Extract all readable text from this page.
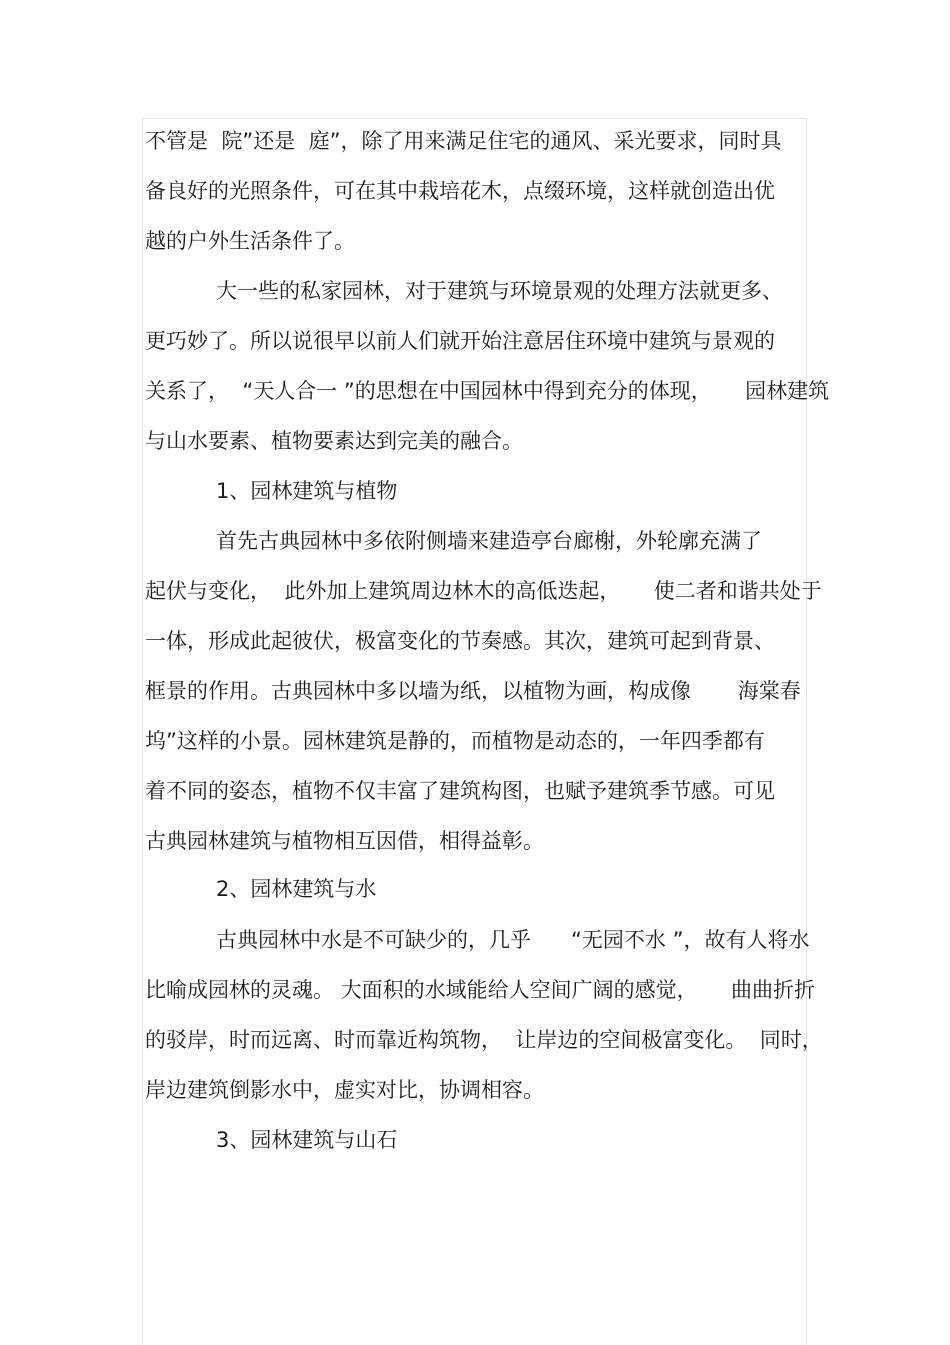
不管是  院”还是  庭”，除了用来满足住宅的通风、采光要求，同时具
备良好的光照条件，可在其中栽培花木，点缀环境，这样就创造出优
越的户外生活条件了。
大一些的私家园林，对于建筑与环境景观的处理方法就更多、
更巧妙了。所以说很早以前人们就开始注意居住环境中建筑与景观的
关系了，  “天人合一 ”的思想在中国园林中得到充分的体现，     园林建筑
与山水要素、植物要素达到完美的融合。
1、园林建筑与植物
首先古典园林中多依附侧墙来建造亭台廊榭，外轮廓充满了
起伏与变化，  此外加上建筑周边林木的高低迭起，     使二者和谐共处于
一体，形成此起彼伏，极富变化的节奏感。其次，建筑可起到背景、
框景的作用。古典园林中多以墙为纸，以植物为画，构成像       海棠春
坞”这样的小景。园林建筑是静的，而植物是动态的，一年四季都有
着不同的姿态，植物不仅丰富了建筑构图，也赋予建筑季节感。可见
古典园林建筑与植物相互因借，相得益彰。
2、园林建筑与水
古典园林中水是不可缺少的，几乎      “无园不水 ”，故有人将水
比喻成园林的灵魂。 大面积的水域能给人空间广阔的感觉，     曲曲折折
的驳岸，时而远离、时而靠近构筑物，  让岸边的空间极富变化。  同时，
岸边建筑倒影水中，虚实对比，协调相容。
3、园林建筑与山石
